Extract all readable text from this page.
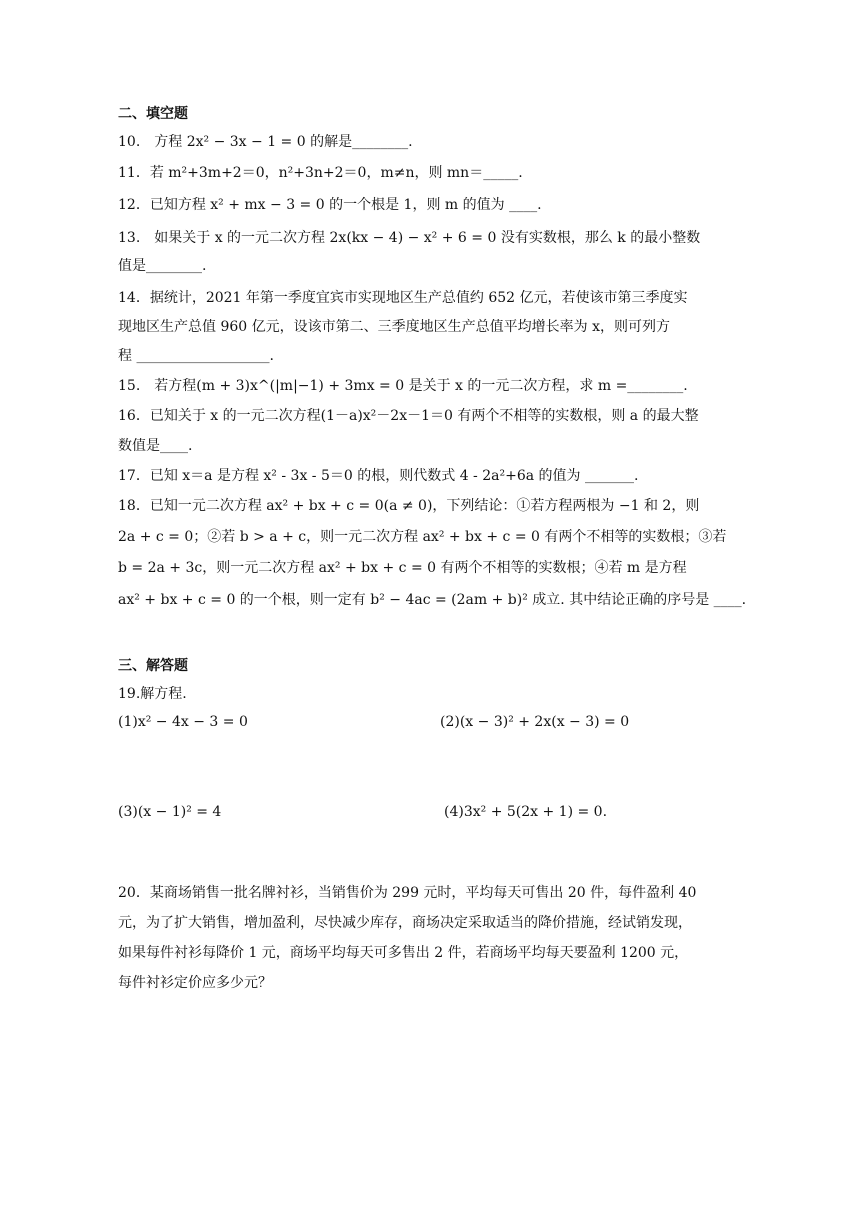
二、填空题
10.　方程 2x² − 3x − 1 = 0 的解是________.
11．若 m²+3m+2＝0，n²+3n+2＝0，m≠n，则 mn＝_____.
12．已知方程 x² + mx − 3 = 0 的一个根是 1，则 m 的值为 ____.
13.　如果关于 x 的一元二次方程 2x(kx − 4) − x² + 6 = 0 没有实数根，那么 k 的最小整数
值是________.
14．据统计，2021 年第一季度宜宾市实现地区生产总值约 652 亿元，若使该市第三季度实
现地区生产总值 960 亿元，设该市第二、三季度地区生产总值平均增长率为 x，则可列方
程 ___________________.
15.　若方程(m + 3)x^(|m|−1) + 3mx = 0 是关于 x 的一元二次方程，求 m =________.
16．已知关于 x 的一元二次方程(1－a)x²－2x－1＝0 有两个不相等的实数根，则 a 的最大整
数值是____.
17．已知 x＝a 是方程 x² - 3x - 5＝0 的根，则代数式 4 - 2a²+6a 的值为 _______.
18．已知一元二次方程 ax² + bx + c = 0(a ≠ 0)，下列结论：①若方程两根为 −1 和 2，则
2a + c = 0；②若 b > a + c，则一元二次方程 ax² + bx + c = 0 有两个不相等的实数根；③若
b = 2a + 3c，则一元二次方程 ax² + bx + c = 0 有两个不相等的实数根；④若 m 是方程
ax² + bx + c = 0 的一个根，则一定有 b² − 4ac = (2am + b)² 成立. 其中结论正确的序号是 ____.
三、解答题
19.解方程.
(1)x² − 4x − 3 = 0	(2)(x − 3)² + 2x(x − 3) = 0
(3)(x − 1)² = 4	(4)3x² + 5(2x + 1) = 0.
20．某商场销售一批名牌衬衫，当销售价为 299 元时，平均每天可售出 20 件，每件盈利 40
元，为了扩大销售，增加盈利，尽快减少库存，商场决定采取适当的降价措施，经试销发现，
如果每件衬衫每降价 1 元，商场平均每天可多售出 2 件，若商场平均每天要盈利 1200 元，
每件衬衫定价应多少元？
